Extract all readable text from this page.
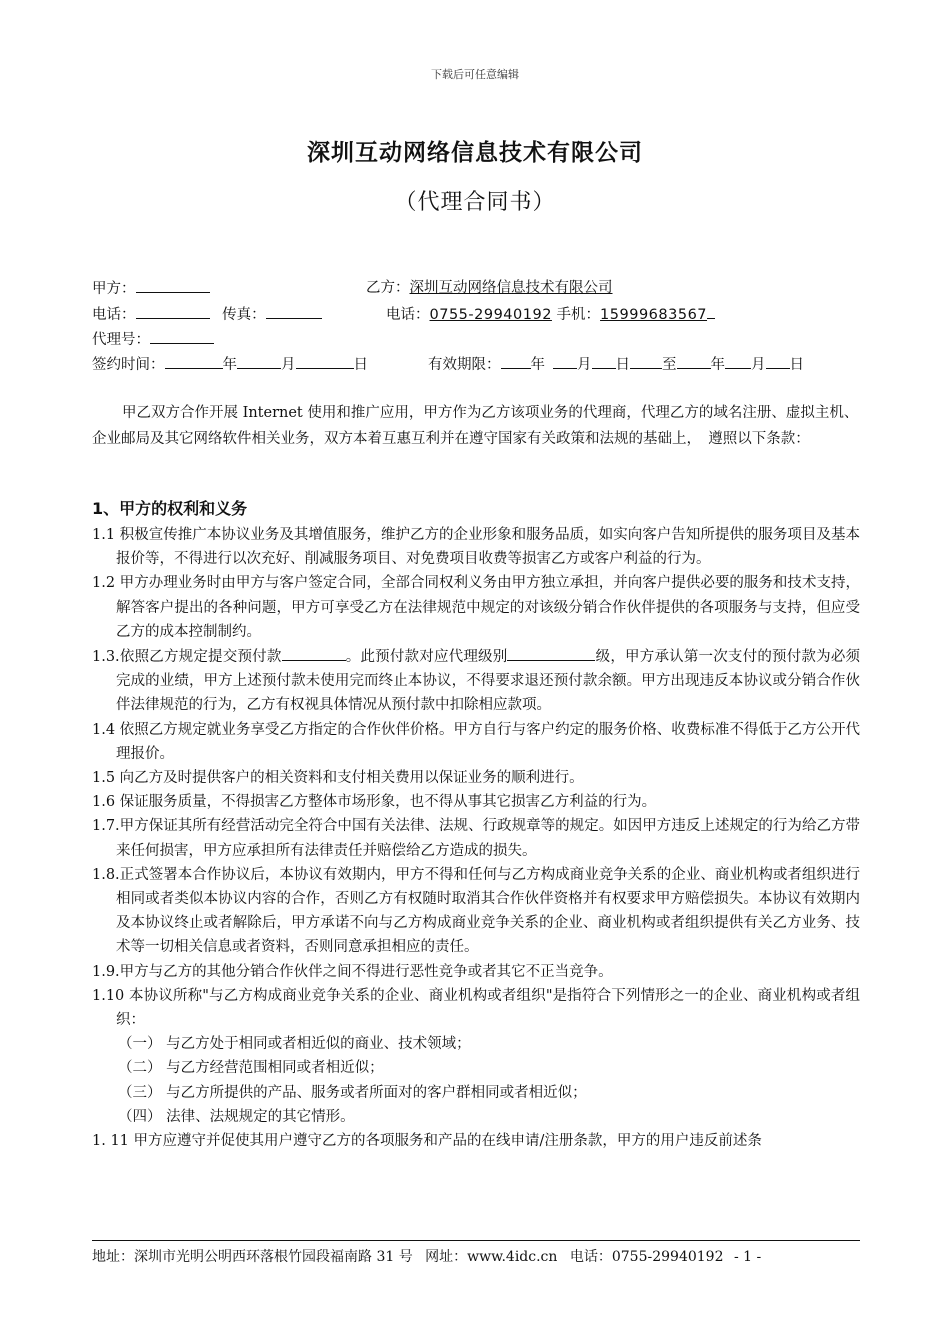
下载后可任意编辑
深圳互动网络信息技术有限公司
（代理合同书）
甲方：	乙方：深圳互动网络信息技术有限公司
电话：	传真：	电话：0755-29940192 手机：15999683567
代理号：
签约时间：	年	月	日	有效期限： 年 月 日 至 年 月 日

甲乙双方合作开展 Internet 使用和推广应用，甲方作为乙方该项业务的代理商，代理乙方的域名注册、虚拟主机、企业邮局及其它网络软件相关业务，双方本着互惠互利并在遵守国家有关政策和法规的基础上，　遵照以下条款：

1、甲方的权利和义务

1.1 积极宣传推广本协议业务及其增值服务，维护乙方的企业形象和服务品质，如实向客户告知所提供的服务项目及基本报价等，不得进行以次充好、削减服务项目、对免费项目收费等损害乙方或客户利益的行为。

1.2 甲方办理业务时由甲方与客户签定合同，全部合同权利义务由甲方独立承担，并向客户提供必要的服务和技术支持，解答客户提出的各种问题，甲方可享受乙方在法律规范中规定的对该级分销合作伙伴提供的各项服务与支持，但应受乙方的成本控制制约。

1.3.依照乙方规定提交预付款	。此预付款对应代理级别	级，甲方承认第一次支付的预付款为必须完成的业绩，甲方上述预付款未使用完而终止本协议，不得要求退还预付款余额。甲方出现违反本协议或分销合作伙伴法律规范的行为，乙方有权视具体情况从预付款中扣除相应款项。

1.4 依照乙方规定就业务享受乙方指定的合作伙伴价格。甲方自行与客户约定的服务价格、收费标准不得低于乙方公开代理报价。

1.5 向乙方及时提供客户的相关资料和支付相关费用以保证业务的顺利进行。

1.6 保证服务质量，不得损害乙方整体市场形象，也不得从事其它损害乙方利益的行为。

1.7.甲方保证其所有经营活动完全符合中国有关法律、法规、行政规章等的规定。如因甲方违反上述规定的行为给乙方带来任何损害，甲方应承担所有法律责任并赔偿给乙方造成的损失。

1.8.正式签署本合作协议后，本协议有效期内，甲方不得和任何与乙方构成商业竞争关系的企业、商业机构或者组织进行相同或者类似本协议内容的合作，否则乙方有权随时取消其合作伙伴资格并有权要求甲方赔偿损失。本协议有效期内及本协议终止或者解除后，甲方承诺不向与乙方构成商业竞争关系的企业、商业机构或者组织提供有关乙方业务、技术等一切相关信息或者资料，否则同意承担相应的责任。

1.9.甲方与乙方的其他分销合作伙伴之间不得进行恶性竞争或者其它不正当竞争。

1.10 本协议所称"与乙方构成商业竞争关系的企业、商业机构或者组织"是指符合下列情形之一的企业、商业机构或者组织：

（一） 与乙方处于相同或者相近似的商业、技术领域；

（二） 与乙方经营范围相同或者相近似；

（三） 与乙方所提供的产品、服务或者所面对的客户群相同或者相近似；

（四） 法律、法规规定的其它情形。

1. 11 甲方应遵守并促使其用户遵守乙方的各项服务和产品的在线申请/注册条款，甲方的用户违反前述条

地址：深圳市光明公明西环落根竹园段福南路 31 号 网址：www.4idc.cn 电话：0755-29940192 - 1 -
